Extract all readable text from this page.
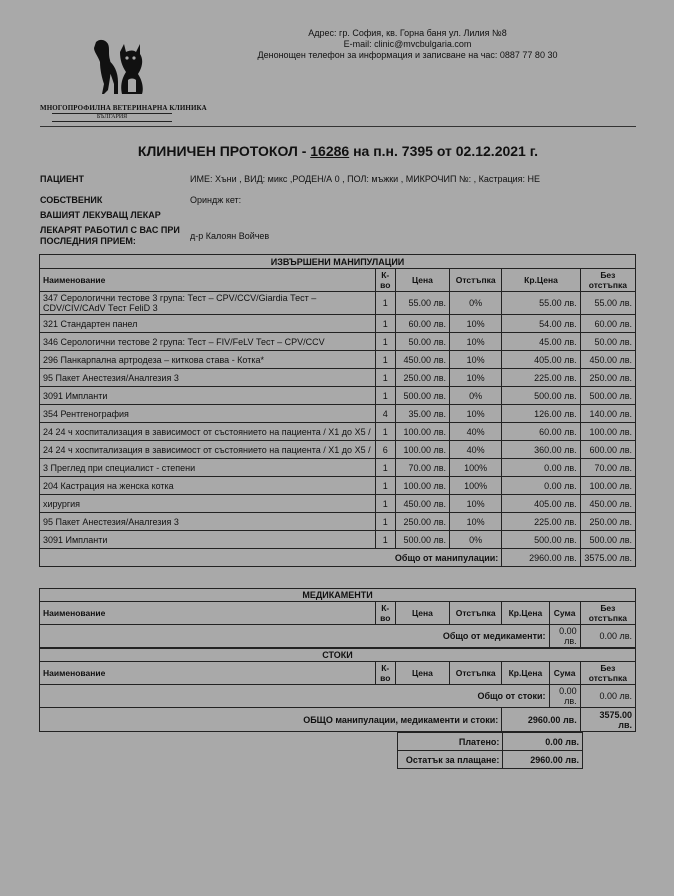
МНОГОПРОФИЛНА ВЕТЕРИНАРНА КЛИНИКА
БЪЛГАРИЯ
Адрес: гр. София, кв. Горна баня ул. Лилия №8
E-mail: clinic@mvcbulgaria.com
Денонощен телефон за информация и записване на час: 0887 77 80 30
КЛИНИЧЕН ПРОТОКОЛ - 16286 на п.н. 7395 от 02.12.2021 г.
ПАЦИЕНТ	ИМЕ: Хъни , ВИД: микс ,РОДЕН/А 0 , ПОЛ: мъжки , МИКРОЧИП №: , Кастрация: НЕ
СОБСТВЕНИК	Ориндж кет:
ВАШИЯТ ЛЕКУВАЩ ЛЕКАР
ЛЕКАРЯТ РАБОТИЛ С ВАС ПРИ ПОСЛЕДНИЯ ПРИЕМ:	д-р Калоян Войчев
ИЗВЪРШЕНИ МАНИПУЛАЦИИ					
Наименование	К-во	Цена	Отстъпка	Кр.Цена	Без отстъпка
347 Серологични тестове 3 група: Тест – CPV/CCV/Giardia Тест – CDV/CIV/CAdV Тест FeliD 3	1	55.00 лв.	0%	55.00 лв.	55.00 лв.
321 Стандартен панел	1	60.00 лв.	10%	54.00 лв.	60.00 лв.
346 Серологични тестове 2 група: Тест – FIV/FeLV Тест – CPV/CCV	1	50.00 лв.	10%	45.00 лв.	50.00 лв.
296 Панкарпална артродеза – киткова става - Котка*	1	450.00 лв.	10%	405.00 лв.	450.00 лв.
95 Пакет Анестезия/Аналгезия 3	1	250.00 лв.	10%	225.00 лв.	250.00 лв.
3091 Импланти	1	500.00 лв.	0%	500.00 лв.	500.00 лв.
354 Рентгенография	4	35.00 лв.	10%	126.00 лв.	140.00 лв.
24 24 ч хоспитализация в зависимост от състоянието на пациента / X1 до X5 /	1	100.00 лв.	40%	60.00 лв.	100.00 лв.
24 24 ч хоспитализация в зависимост от състоянието на пациента / X1 до X5 /	6	100.00 лв.	40%	360.00 лв.	600.00 лв.
3 Преглед при специалист - степени	1	70.00 лв.	100%	0.00 лв.	70.00 лв.
204 Кастрация на женска котка	1	100.00 лв.	100%	0.00 лв.	100.00 лв.
хирургия	1	450.00 лв.	10%	405.00 лв.	450.00 лв.
95 Пакет Анестезия/Аналгезия 3	1	250.00 лв.	10%	225.00 лв.	250.00 лв.
3091 Импланти	1	500.00 лв.	0%	500.00 лв.	500.00 лв.
Общо от манипулации:				2960.00 лв.	3575.00 лв.
МЕДИКАМЕНТИ						
Наименование	К-во	Цена	Отстъпка	Кр.Цена	Сума	Без отстъпка
Общо от медикаменти:					0.00 лв.	0.00 лв.
СТОКИ						
Наименование	К-во	Цена	Отстъпка	Кр.Цена	Сума	Без отстъпка
Общо от стоки:					0.00 лв.	0.00 лв.
ОБЩО манипулации, медикаменти и стоки:	2960.00 лв.	3575.00 лв.
Платено:	0.00 лв.
Остатък за плащане:	2960.00 лв.
